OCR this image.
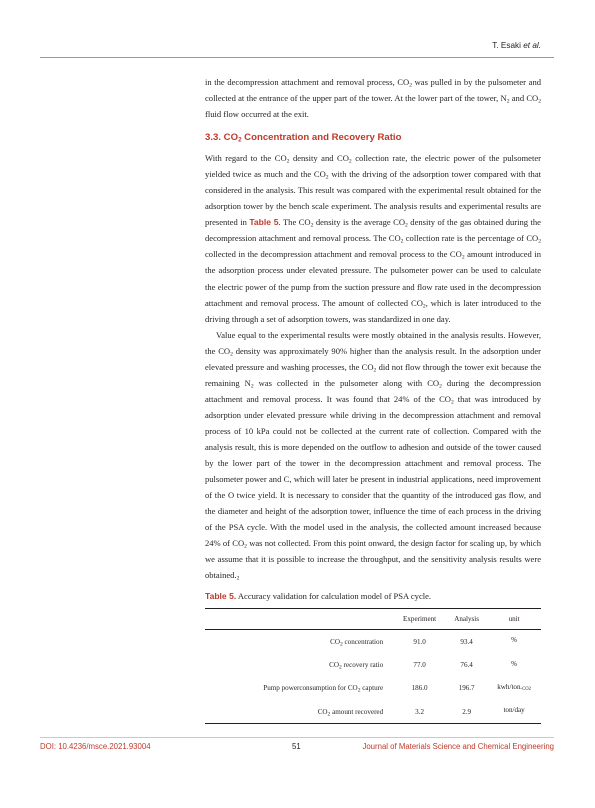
T. Esaki et al.

in the decompression attachment and removal process, $CO_2$ was pulled in by the pulsometer and collected at the entrance of the upper part of the tower. At the lower part of the tower, $N_2$ and $CO_2$ fluid flow occurred at the exit.

3.3. $CO_2$ Concentration and Recovery Ratio

With regard to the $CO_2$ density and $CO_2$ collection rate, the electric power of the pulsometer yielded twice as much and the $CO_2$ with the driving of the adsorption tower compared with that considered in the analysis. This result was compared with the experimental result obtained for the adsorption tower by the bench scale experiment. The analysis results and experimental results are presented in Table 5. The $CO_2$ density is the average $CO_2$ density of the gas obtained during the decompression attachment and removal process. The $CO_2$ collection rate is the percentage of $CO_2$ collected in the decompression attachment and removal process to the $CO_2$ amount introduced in the adsorption process under elevated pressure. The pulsometer power can be used to calculate the electric power of the pump from the suction pressure and flow rate used in the decompression attachment and removal process. The amount of collected $CO_2$, which is later introduced to the driving through a set of adsorption towers, was standardized in one day.

Value equal to the experimental results were mostly obtained in the analysis results. However, the $CO_2$ density was approximately 90% higher than the analysis result. In the adsorption under elevated pressure and washing processes, the $CO_2$ did not flow through the tower exit because the remaining $N_2$ was collected in the pulsometer along with $CO_2$ during the decompression attachment and removal process. It was found that 24% of the $CO_2$ that was introduced by adsorption under elevated pressure while driving in the decompression attachment and removal process of 10 kPa could not be collected at the current rate of collection. Compared with the analysis result, this is more depended on the outflow to adhesion and outside of the tower caused by the lower part of the tower in the decompression attachment and removal process. The pulsometer power and C, which will later be present in industrial applications, need improvement of the O twice yield. It is necessary to consider that the quantity of the introduced gas flow, and the diameter and height of the adsorption tower, influence the time of each process in the driving of the PSA cycle. With the model used in the analysis, the collected amount increased because 24% of $CO_2$ was not collected. From this point onward, the design factor for scaling up, by which we assume that it is possible to increase the throughput, and the sensitivity analysis results were $obtained._2$

Table 5. Accuracy validation for calculation model of PSA cycle.
	Experiment	Analysis	unit
$CO_2$ concentration	91.0	93.4	%
$CO_2$ recovery ratio	77.0	76.4	%
Pump powerconsumption for $CO_2$ capture	186.0	196.7	kwh/ton-CO2
$CO_2$ amount recovered	3.2	2.9	ton/day
DOI: 10.4236/msce.2021.93004	51	Journal of Materials Science and Chemical Engineering
